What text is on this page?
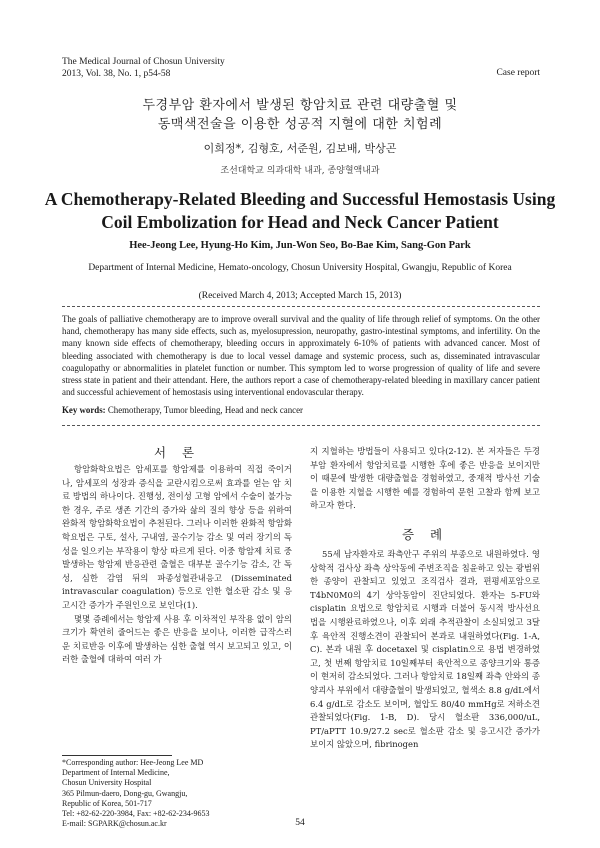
The Medical Journal of Chosun University
2013, Vol. 38, No. 1, p54-58	Case report
두경부암 환자에서 발생된 항암치료 관련 대량출혈 및
동맥색전술을 이용한 성공적 지혈에 대한 치험례
이희정*, 김형호, 서준원, 김보배, 박상곤
조선대학교 의과대학 내과, 종양혈액내과
A Chemotherapy-Related Bleeding and Successful Hemostasis Using
Coil Embolization for Head and Neck Cancer Patient
Hee-Jeong Lee, Hyung-Ho Kim, Jun-Won Seo, Bo-Bae Kim, Sang-Gon Park
Department of Internal Medicine, Hemato-oncology, Chosun University Hospital, Gwangju, Republic of Korea
(Received March 4, 2013; Accepted March 15, 2013)
The goals of palliative chemotherapy are to improve overall survival and the quality of life through relief of symptoms. On the other hand, chemotherapy has many side effects, such as, myelosupression, neuropathy, gastro-intestinal symptoms, and infertility. On the many known side effects of chemotherapy, bleeding occurs in approximately 6-10% of patients with advanced cancer. Most of bleeding associated with chemotherapy is due to local vessel damage and systemic process, such as, disseminated intravascular coagulopathy or abnormalities in platelet function or number. This symptom led to worse progression of quality of life and severe stress state in patient and their attendant. Here, the authors report a case of chemotherapy-related bleeding in maxillary cancer patient and successful achievement of hemostasis using interventional endovascular therapy.
Key words: Chemotherapy, Tumor bleeding, Head and neck cancer
서 론

항암화학요법은 암세포를 항암제를 이용하여 직접 죽이거나, 암세포의 성장과 증식을 교란시킴으로써 효과를 얻는 암 치료 방법의 하나이다. 진행성, 전이성 고형 암에서 수술이 불가능한 경우, 주로 생존 기간의 증가와 삶의 질의 향상 등을 위하여 완화적 항암화학요법이 추천된다. 그러나 이러한 완화적 항암화학요법은 구토, 설사, 구내염, 골수기능 감소 및 여러 장기의 독성을 일으키는 부작용이 항상 따르게 된다. 이중 항암제 치료 중 발생하는 항암제 반응관련 출혈은 대부분 골수기능 감소, 간 독성, 심한 감염 뒤의 파종성혈관내응고 (Disseminated intravascular coagulation) 등으로 인한 혈소판 감소 및 응고시간 증가가 주원인으로 보인다(1).

몇몇 증례에서는 항암제 사용 후 이차적인 부작용 없이 암의 크기가 확연히 줄어드는 좋은 반응을 보이나, 이러한 급작스러운 치료반응 이후에 발생하는 심한 출혈 역시 보고되고 있고, 이러한 출혈에 대하여 여러 가

지 지혈하는 방법들이 사용되고 있다(2-12). 본 저자들은 두경부암 환자에서 항암치료를 시행한 후에 좋은 반응을 보이지만 이 때문에 발생한 대량출혈을 경험하였고, 중재적 방사선 기술을 이용한 지혈을 시행한 예를 경험하여 문헌 고찰과 함께 보고하고자 한다.

증 례

55세 남자환자로 좌측안구 주위의 부종으로 내원하였다. 영상학적 검사상 좌측 상악동에 주변조직을 침윤하고 있는 광범위한 종양이 관찰되고 있었고 조직검사 결과, 편평세포암으로 T4bN0M0의 4기 상악동암이 진단되었다. 환자는 5-FU와 cisplatin 요법으로 항암치료 시행과 더불어 동시적 방사선요법을 시행완료하였으나, 이후 외래 추적관찰이 소실되었고 3달 후 육안적 진행소견이 관찰되어 본과로 내원하였다(Fig. 1-A, C). 본과 내원 후 docetaxel 및 cisplatin으로 용법 변경하였고, 첫 번째 항암치료 10일째부터 육안적으로 종양크기와 통증이 현저히 감소되었다. 그러나 항암치료 18일째 좌측 안와의 종양괴사 부위에서 대량출혈이 발생되었고, 혈색소 8.8 g/dL에서 6.4 g/dL로 감소도 보이며, 혈압도 80/40 mmHg로 저하소견 관찰되었다(Fig. 1-B, D). 당시 혈소판 336,000/uL, PT/aPTT 10.9/27.2 sec로 혈소판 감소 및 응고시간 증가가 보이지 않았으며, fibrinogen

*Corresponding author: Hee-Jeong Lee MD
Department of Internal Medicine,
Chosun University Hospital
365 Pilmun-daero, Dong-gu, Gwangju,
Republic of Korea, 501-717
Tel: +82-62-220-3984, Fax: +82-62-234-9653
E-mail: SGPARK@chosun.ac.kr	54
